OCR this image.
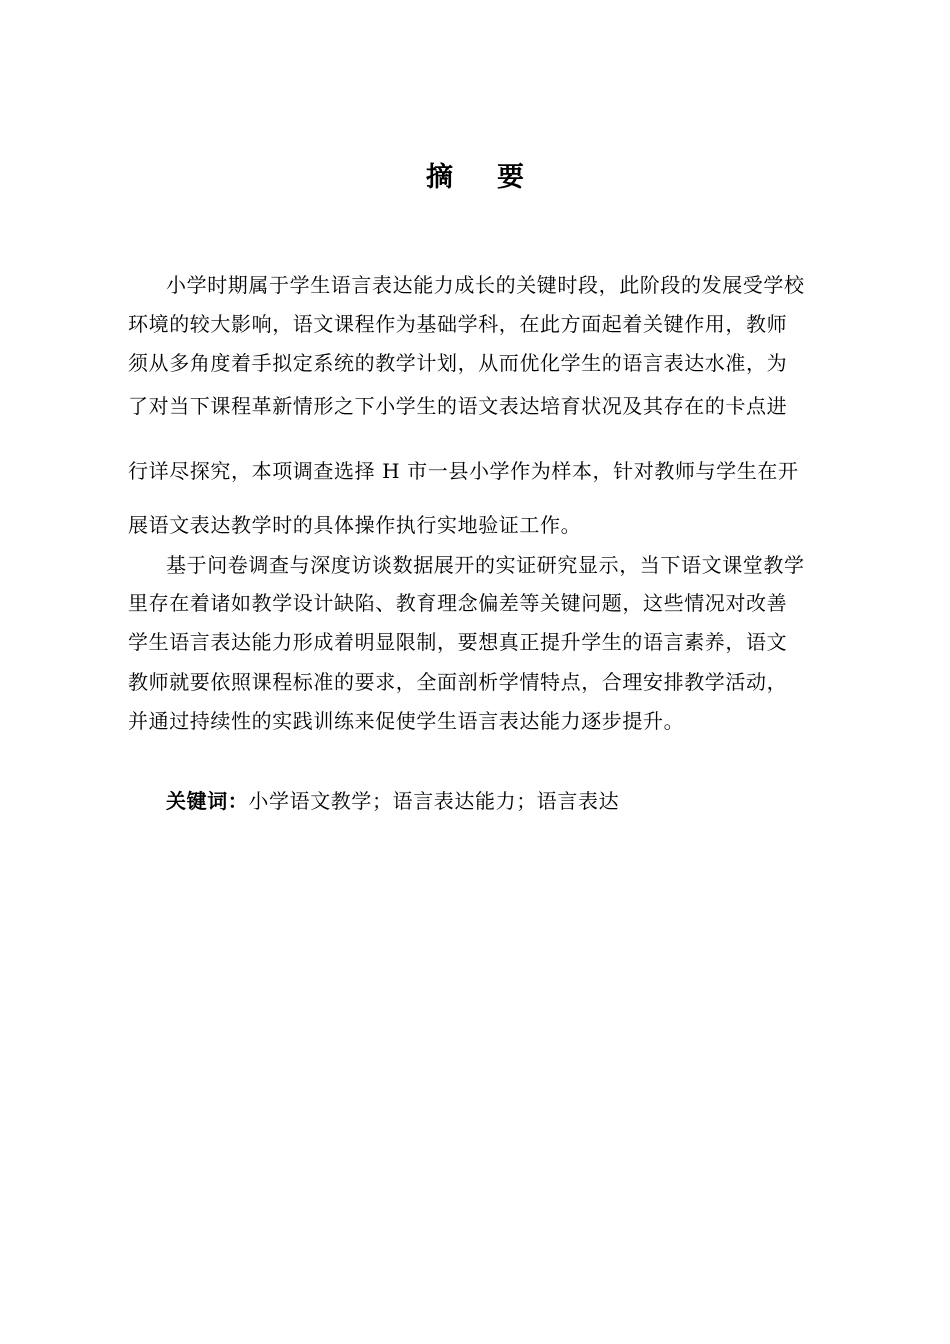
摘 要
小学时期属于学生语言表达能力成长的关键时段，此阶段的发展受学校
环境的较大影响，语文课程作为基础学科，在此方面起着关键作用，教师
须从多角度着手拟定系统的教学计划，从而优化学生的语言表达水准，为
了对当下课程革新情形之下小学生的语文表达培育状况及其存在的卡点进
行详尽探究，本项调查选择 H 市一县小学作为样本，针对教师与学生在开
展语文表达教学时的具体操作执行实地验证工作。
基于问卷调查与深度访谈数据展开的实证研究显示，当下语文课堂教学
里存在着诸如教学设计缺陷、教育理念偏差等关键问题，这些情况对改善
学生语言表达能力形成着明显限制，要想真正提升学生的语言素养，语文
教师就要依照课程标准的要求，全面剖析学情特点，合理安排教学活动，
并通过持续性的实践训练来促使学生语言表达能力逐步提升。
关键词：小学语文教学；语言表达能力；语言表达
